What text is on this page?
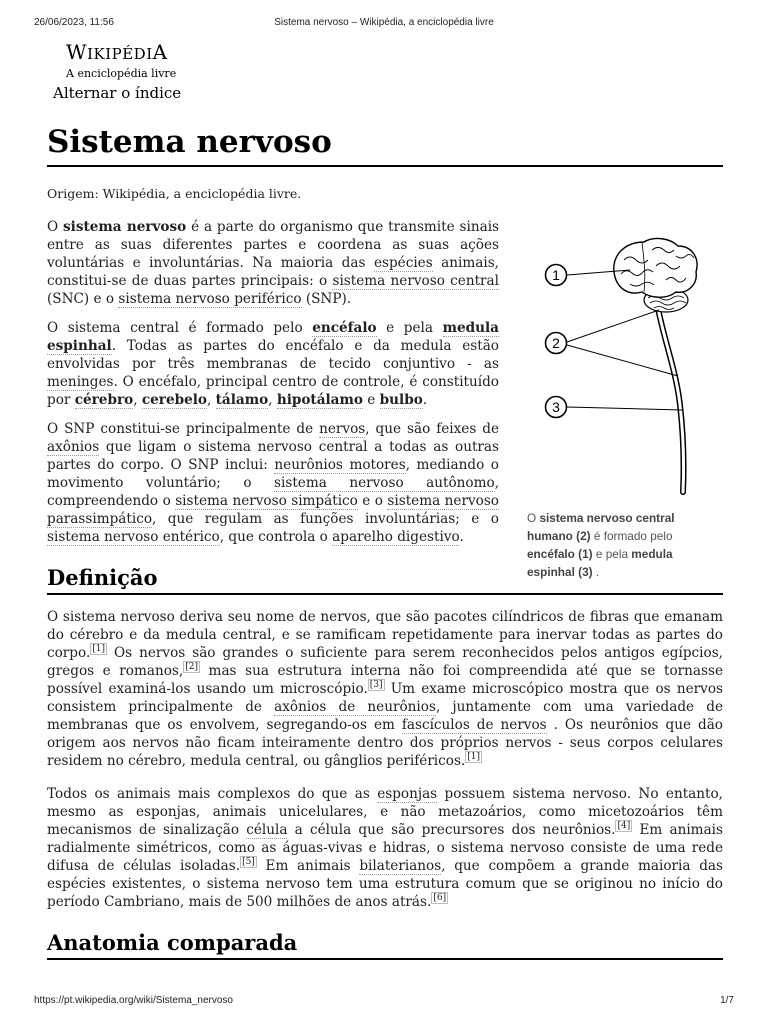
26/06/2023, 11:56	Sistema nervoso – Wikipédia, a enciclopédia livre
WIKIPÉDIA
A enciclopédia livre
Alternar o índice
Sistema nervoso
Origem: Wikipédia, a enciclopédia livre.

O sistema nervoso é a parte do organismo que transmite sinais entre as suas diferentes partes e coordena as suas ações voluntárias e involuntárias. Na maioria das espécies animais, constitui-se de duas partes principais: o sistema nervoso central (SNC) e o sistema nervoso periférico (SNP).

O sistema central é formado pelo encéfalo e pela medula espinhal. Todas as partes do encéfalo e da medula estão envolvidas por três membranas de tecido conjuntivo - as meninges. O encéfalo, principal centro de controle, é constituído por cérebro, cerebelo, tálamo, hipotálamo e bulbo.

O SNP constitui-se principalmente de nervos, que são feixes de axônios que ligam o sistema nervoso central a todas as outras partes do corpo. O SNP inclui: neurônios motores, mediando o movimento voluntário; o sistema nervoso autônomo, compreendendo o sistema nervoso simpático e o sistema nervoso parassimpático, que regulam as funções involuntárias; e o sistema nervoso entérico, que controla o aparelho digestivo.

1
2
3
O sistema nervoso central humano (2) é formado pelo encéfalo (1) e pela medula espinhal (3) .
Definição

O sistema nervoso deriva seu nome de nervos, que são pacotes cilíndricos de fibras que emanam do cérebro e da medula central, e se ramificam repetidamente para inervar todas as partes do corpo. [1] Os nervos são grandes o suficiente para serem reconhecidos pelos antigos egípcios, gregos e romanos, [2] mas sua estrutura interna não foi compreendida até que se tornasse possível examiná-los usando um microscópio. [3] Um exame microscópico mostra que os nervos consistem principalmente de axônios de neurônios, juntamente com uma variedade de membranas que os envolvem, segregando-os em fascículos de nervos . Os neurônios que dão origem aos nervos não ficam inteiramente dentro dos próprios nervos - seus corpos celulares residem no cérebro, medula central, ou gânglios periféricos. [1]

Todos os animais mais complexos do que as esponjas possuem sistema nervoso. No entanto, mesmo as esponjas, animais unicelulares, e não metazoários, como micetozoários têm mecanismos de sinalização célula a célula que são precursores dos neurônios. [4] Em animais radialmente simétricos, como as águas-vivas e hidras, o sistema nervoso consiste de uma rede difusa de células isoladas. [5] Em animais bilaterianos, que compõem a grande maioria das espécies existentes, o sistema nervoso tem uma estrutura comum que se originou no início do período Cambriano, mais de 500 milhões de anos atrás. [6]

Anatomia comparada
https://pt.wikipedia.org/wiki/Sistema_nervoso	1/7
